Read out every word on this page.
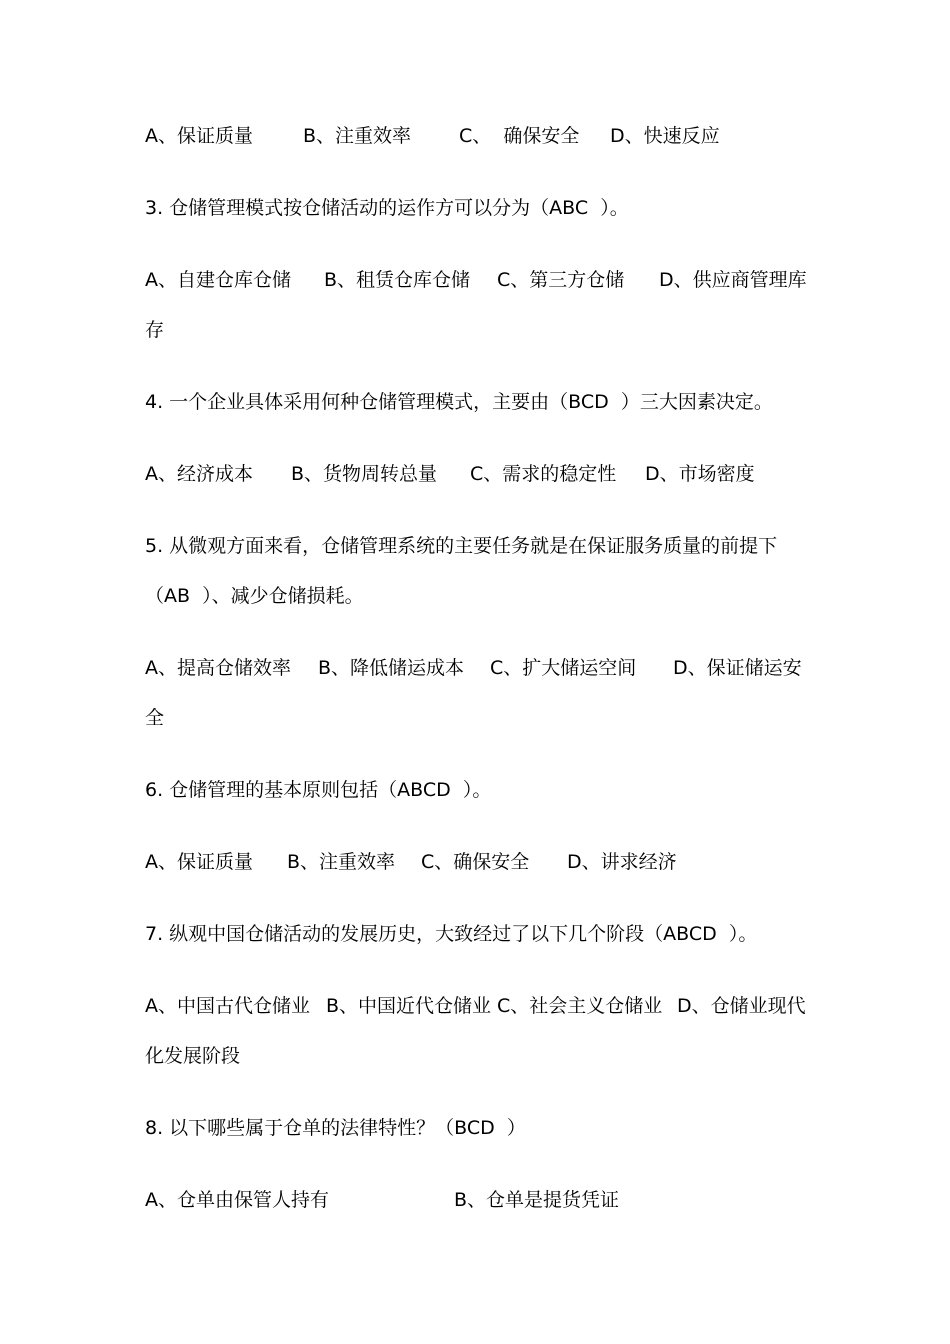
A、保证质量	B、注重效率	C、  确保安全 D、快速反应

3. 仓储管理模式按仓储活动的运作方可以分为（ABC  ）。

A、自建仓库仓储 B、租赁仓库仓储 C、第三方仓储 D、供应商管理库

存

4. 一个企业具体采用何种仓储管理模式，主要由（BCD  ）三大因素决定。

A、经济成本 B、货物周转总量 C、需求的稳定性 D、市场密度

5. 从微观方面来看，仓储管理系统的主要任务就是在保证服务质量的前提下

（AB  ）、减少仓储损耗。

A、提高仓储效率 B、降低储运成本 C、扩大储运空间 D、保证储运安

全

6. 仓储管理的基本原则包括（ABCD  ）。

A、保证质量 B、注重效率 C、确保安全 D、讲求经济

7. 纵观中国仓储活动的发展历史，大致经过了以下几个阶段（ABCD  ）。

A、中国古代仓储业 B、中国近代仓储业 C、社会主义仓储业 D、仓储业现代

化发展阶段

8. 以下哪些属于仓单的法律特性？（BCD  ）

A、仓单由保管人持有	B、仓单是提货凭证
